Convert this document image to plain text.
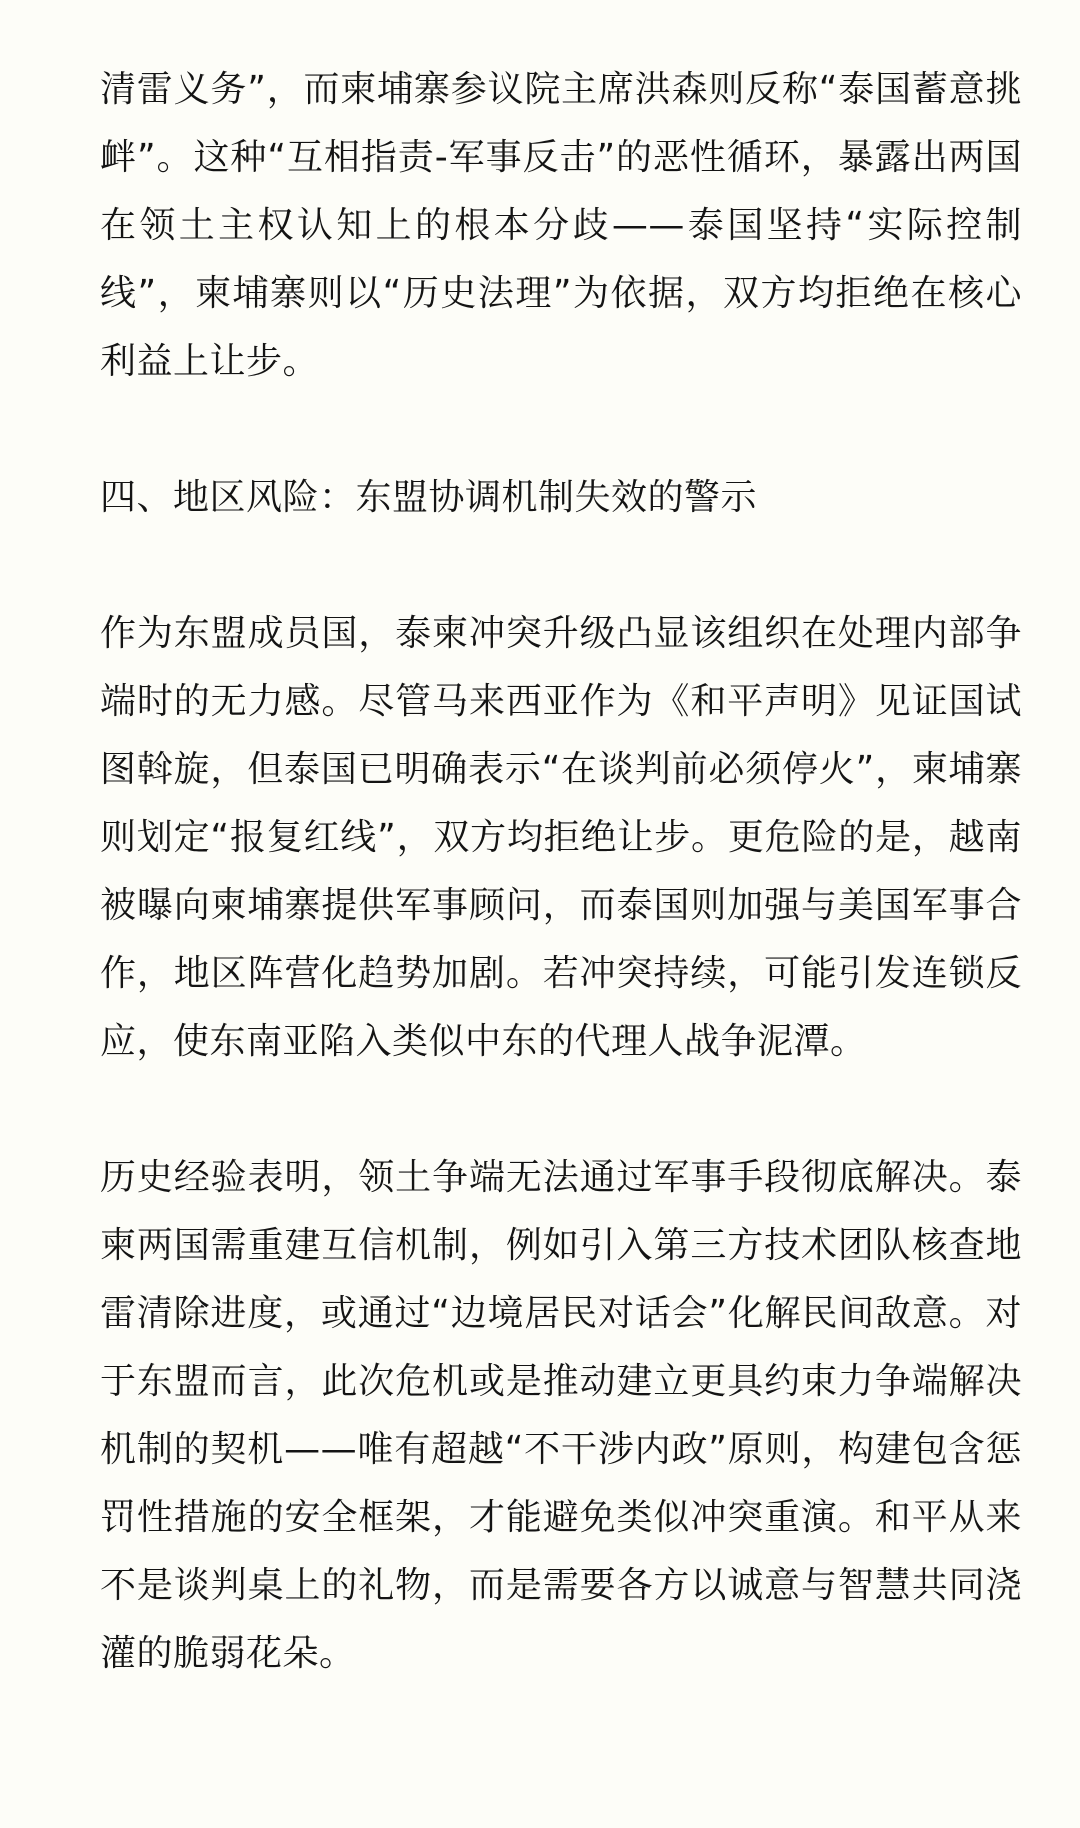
清雷义务”，而柬埔寨参议院主席洪森则反称“泰国蓄意挑衅”。这种“互相指责-军事反击”的恶性循环，暴露出两国在领土主权认知上的根本分歧——泰国坚持“实际控制线”，柬埔寨则以“历史法理”为依据，双方均拒绝在核心利益上让步。

四、地区风险：东盟协调机制失效的警示

作为东盟成员国，泰柬冲突升级凸显该组织在处理内部争端时的无力感。尽管马来西亚作为《和平声明》见证国试图斡旋，但泰国已明确表示“在谈判前必须停火”，柬埔寨则划定“报复红线”，双方均拒绝让步。更危险的是，越南被曝向柬埔寨提供军事顾问，而泰国则加强与美国军事合作，地区阵营化趋势加剧。若冲突持续，可能引发连锁反应，使东南亚陷入类似中东的代理人战争泥潭。

历史经验表明，领土争端无法通过军事手段彻底解决。泰柬两国需重建互信机制，例如引入第三方技术团队核查地雷清除进度，或通过“边境居民对话会”化解民间敌意。对于东盟而言，此次危机或是推动建立更具约束力争端解决机制的契机——唯有超越“不干涉内政”原则，构建包含惩罚性措施的安全框架，才能避免类似冲突重演。和平从来不是谈判桌上的礼物，而是需要各方以诚意与智慧共同浇灌的脆弱花朵。
